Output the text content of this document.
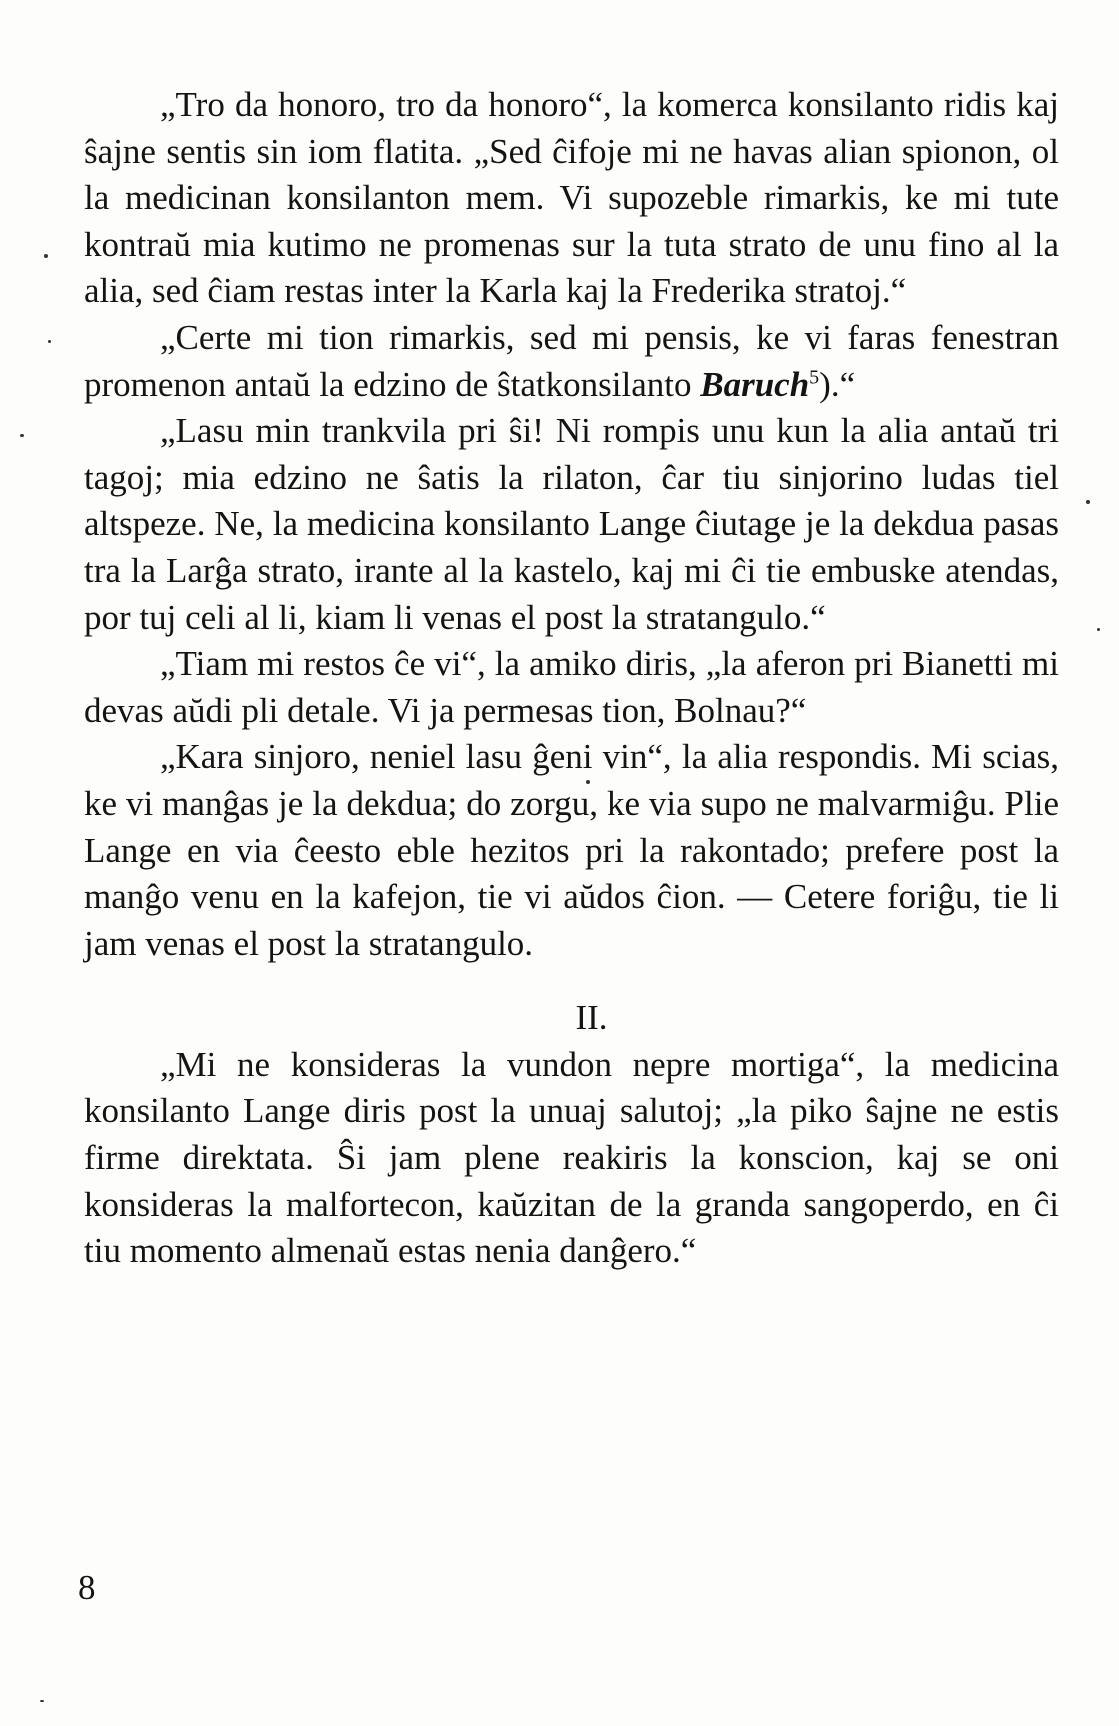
„Tro da honoro, tro da honoro“, la komerca konsilanto ridis kaj ŝajne sentis sin iom flatita. „Sed ĉifoje mi ne havas alian spionon, ol la medicinan konsilanton mem. Vi supozeble rimarkis, ke mi tute kontraŭ mia kutimo ne promenas sur la tuta strato de unu fino al la alia, sed ĉiam restas inter la Karla kaj la Frederika stratoj.“

„Certe mi tion rimarkis, sed mi pensis, ke vi faras fenestran promenon antaŭ la edzino de ŝtatkonsilanto Baruch$^5$).“

„Lasu min trankvila pri ŝi! Ni rompis unu kun la alia antaŭ tri tagoj; mia edzino ne ŝatis la rilaton, ĉar tiu sinjorino ludas tiel altspeze. Ne, la medicina konsilanto Lange ĉiutage je la dekdua pasas tra la Larĝa strato, irante al la kastelo, kaj mi ĉi tie embuske atendas, por tuj celi al li, kiam li venas el post la stratangulo.“

„Tiam mi restos ĉe vi“, la amiko diris, „la aferon pri Bianetti mi devas aŭdi pli detale. Vi ja permesas tion, Bolnau?“

„Kara sinjoro, neniel lasu ĝeni vin“, la alia respondis. Mi scias, ke vi manĝas je la dekdua; do zorgu, ke via supo ne malvarmiĝu. Plie Lange en via ĉeesto eble hezitos pri la rakontado; prefere post la manĝo venu en la kafejon, tie vi aŭdos ĉion. — Cetere foriĝu, tie li jam venas el post la stratangulo.

II.

„Mi ne konsideras la vundon nepre mortiga“, la medicina konsilanto Lange diris post la unuaj salutoj; „la piko ŝajne ne estis firme direktata. Ŝi jam plene reakiris la konscion, kaj se oni konsideras la malfortecon, kaŭzitan de la granda sangoperdo, en ĉi tiu momento almenaŭ estas nenia danĝero.“

8
